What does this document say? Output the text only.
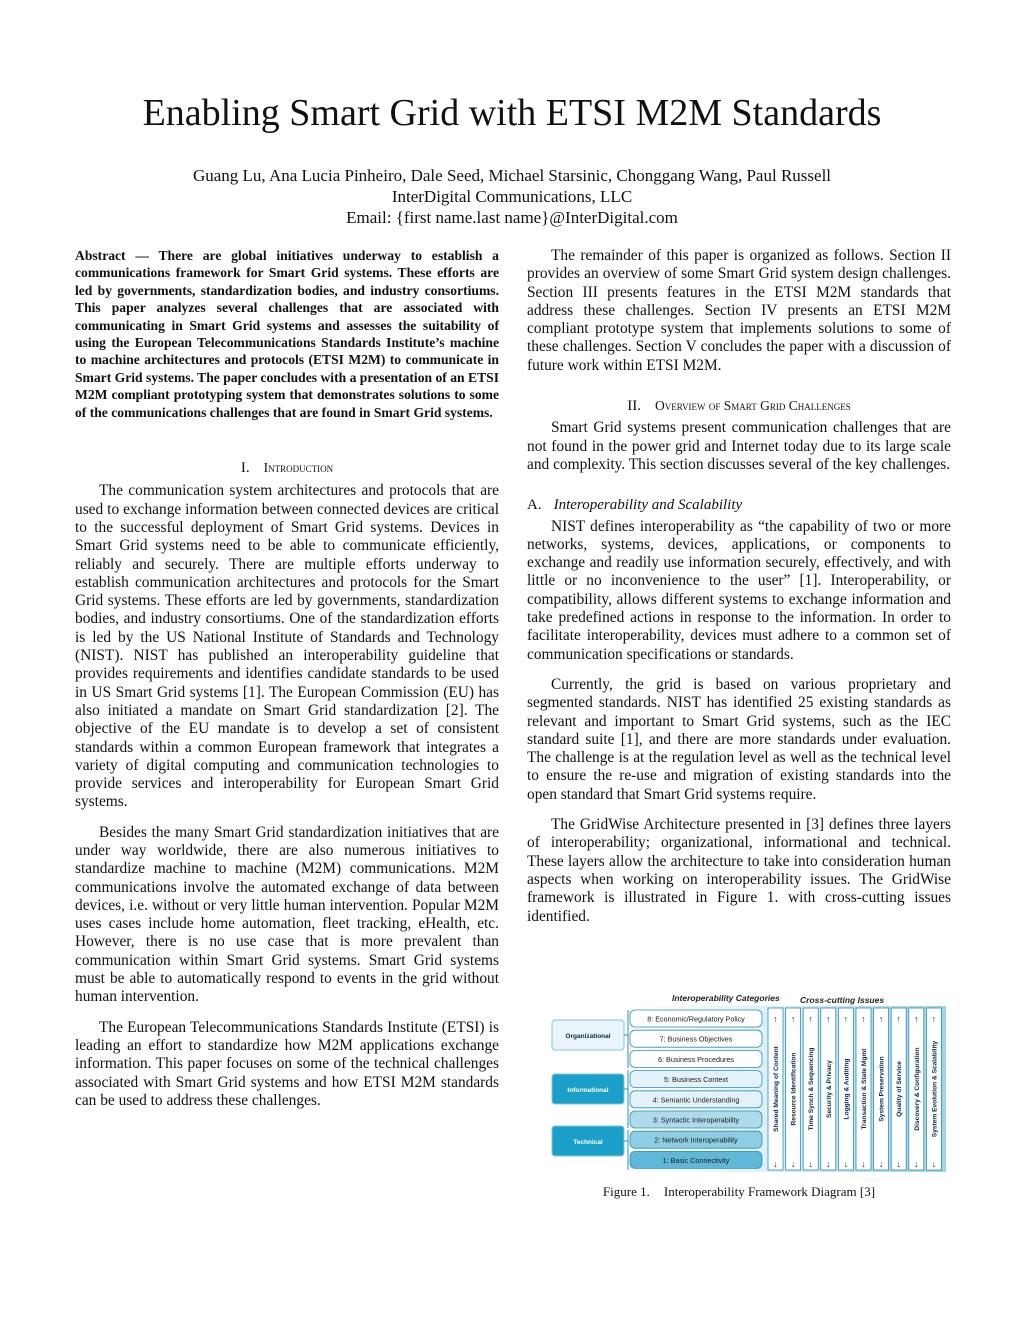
Enabling Smart Grid with ETSI M2M Standards
Guang Lu, Ana Lucia Pinheiro, Dale Seed, Michael Starsinic, Chonggang Wang, Paul Russell
InterDigital Communications, LLC
Email: {first name.last name}@InterDigital.com

Abstract — There are global initiatives underway to establish a communications framework for Smart Grid systems. These efforts are led by governments, standardization bodies, and industry consortiums. This paper analyzes several challenges that are associated with communicating in Smart Grid systems and assesses the suitability of using the European Telecommunications Standards Institute’s machine to machine architectures and protocols (ETSI M2M) to communicate in Smart Grid systems. The paper concludes with a presentation of an ETSI M2M compliant prototyping system that demonstrates solutions to some of the communications challenges that are found in Smart Grid systems.

I. Introduction

The communication system architectures and protocols that are used to exchange information between connected devices are critical to the successful deployment of Smart Grid systems. Devices in Smart Grid systems need to be able to communicate efficiently, reliably and securely. There are multiple efforts underway to establish communication architectures and protocols for the Smart Grid systems. These efforts are led by governments, standardization bodies, and industry consortiums. One of the standardization efforts is led by the US National Institute of Standards and Technology (NIST). NIST has published an interoperability guideline that provides requirements and identifies candidate standards to be used in US Smart Grid systems [1]. The European Commission (EU) has also initiated a mandate on Smart Grid standardization [2]. The objective of the EU mandate is to develop a set of consistent standards within a common European framework that integrates a variety of digital computing and communication technologies to provide services and interoperability for European Smart Grid systems.

Besides the many Smart Grid standardization initiatives that are under way worldwide, there are also numerous initiatives to standardize machine to machine (M2M) communications. M2M communications involve the automated exchange of data between devices, i.e. without or very little human intervention. Popular M2M uses cases include home automation, fleet tracking, eHealth, etc. However, there is no use case that is more prevalent than communication within Smart Grid systems. Smart Grid systems must be able to automatically respond to events in the grid without human intervention.

The European Telecommunications Standards Institute (ETSI) is leading an effort to standardize how M2M applications exchange information. This paper focuses on some of the technical challenges associated with Smart Grid systems and how ETSI M2M standards can be used to address these challenges.

The remainder of this paper is organized as follows. Section II provides an overview of some Smart Grid system design challenges. Section III presents features in the ETSI M2M standards that address these challenges. Section IV presents an ETSI M2M compliant prototype system that implements solutions to some of these challenges. Section V concludes the paper with a discussion of future work within ETSI M2M.

II. Overview of Smart Grid Challenges

Smart Grid systems present communication challenges that are not found in the power grid and Internet today due to its large scale and complexity. This section discusses several of the key challenges.

A. Interoperability and Scalability

NIST defines interoperability as “the capability of two or more networks, systems, devices, applications, or components to exchange and readily use information securely, effectively, and with little or no inconvenience to the user” [1]. Interoperability, or compatibility, allows different systems to exchange information and take predefined actions in response to the information. In order to facilitate interoperability, devices must adhere to a common set of communication specifications or standards.

Currently, the grid is based on various proprietary and segmented standards. NIST has identified 25 existing standards as relevant and important to Smart Grid systems, such as the IEC standard suite [1], and there are more standards under evaluation. The challenge is at the regulation level as well as the technical level to ensure the re-use and migration of existing standards into the open standard that Smart Grid systems require.

The GridWise Architecture presented in [3] defines three layers of interoperability; organizational, informational and technical. These layers allow the architecture to take into consideration human aspects when working on interoperability issues. The GridWise framework is illustrated in Figure 1. with cross-cutting issues identified.

Interoperability Categories Cross-cutting Issues
Organizational
Informational
Technical
8: Economic/Regulatory Policy
7: Business Objectives
6: Business Procedures
5: Business Context
4: Semantic Understanding
3: Syntactic Interoperability
2: Network Interoperability
1: Basic Connectivity
↑
↓
Shared Meaning of Content
↑
↓
Resource Identification
↑
↓
Time Synch & Sequencing
↑
↓
Security & Privacy
↑
↓
Logging & Auditing
↑
↓
Transaction & State Mgmt
↑
↓
System Preservation
↑
↓
Quality of Service
↑
↓
Discovery & Configuration
↑
↓
System Evolution & Scalability
Figure 1. Interoperability Framework Diagram [3]
